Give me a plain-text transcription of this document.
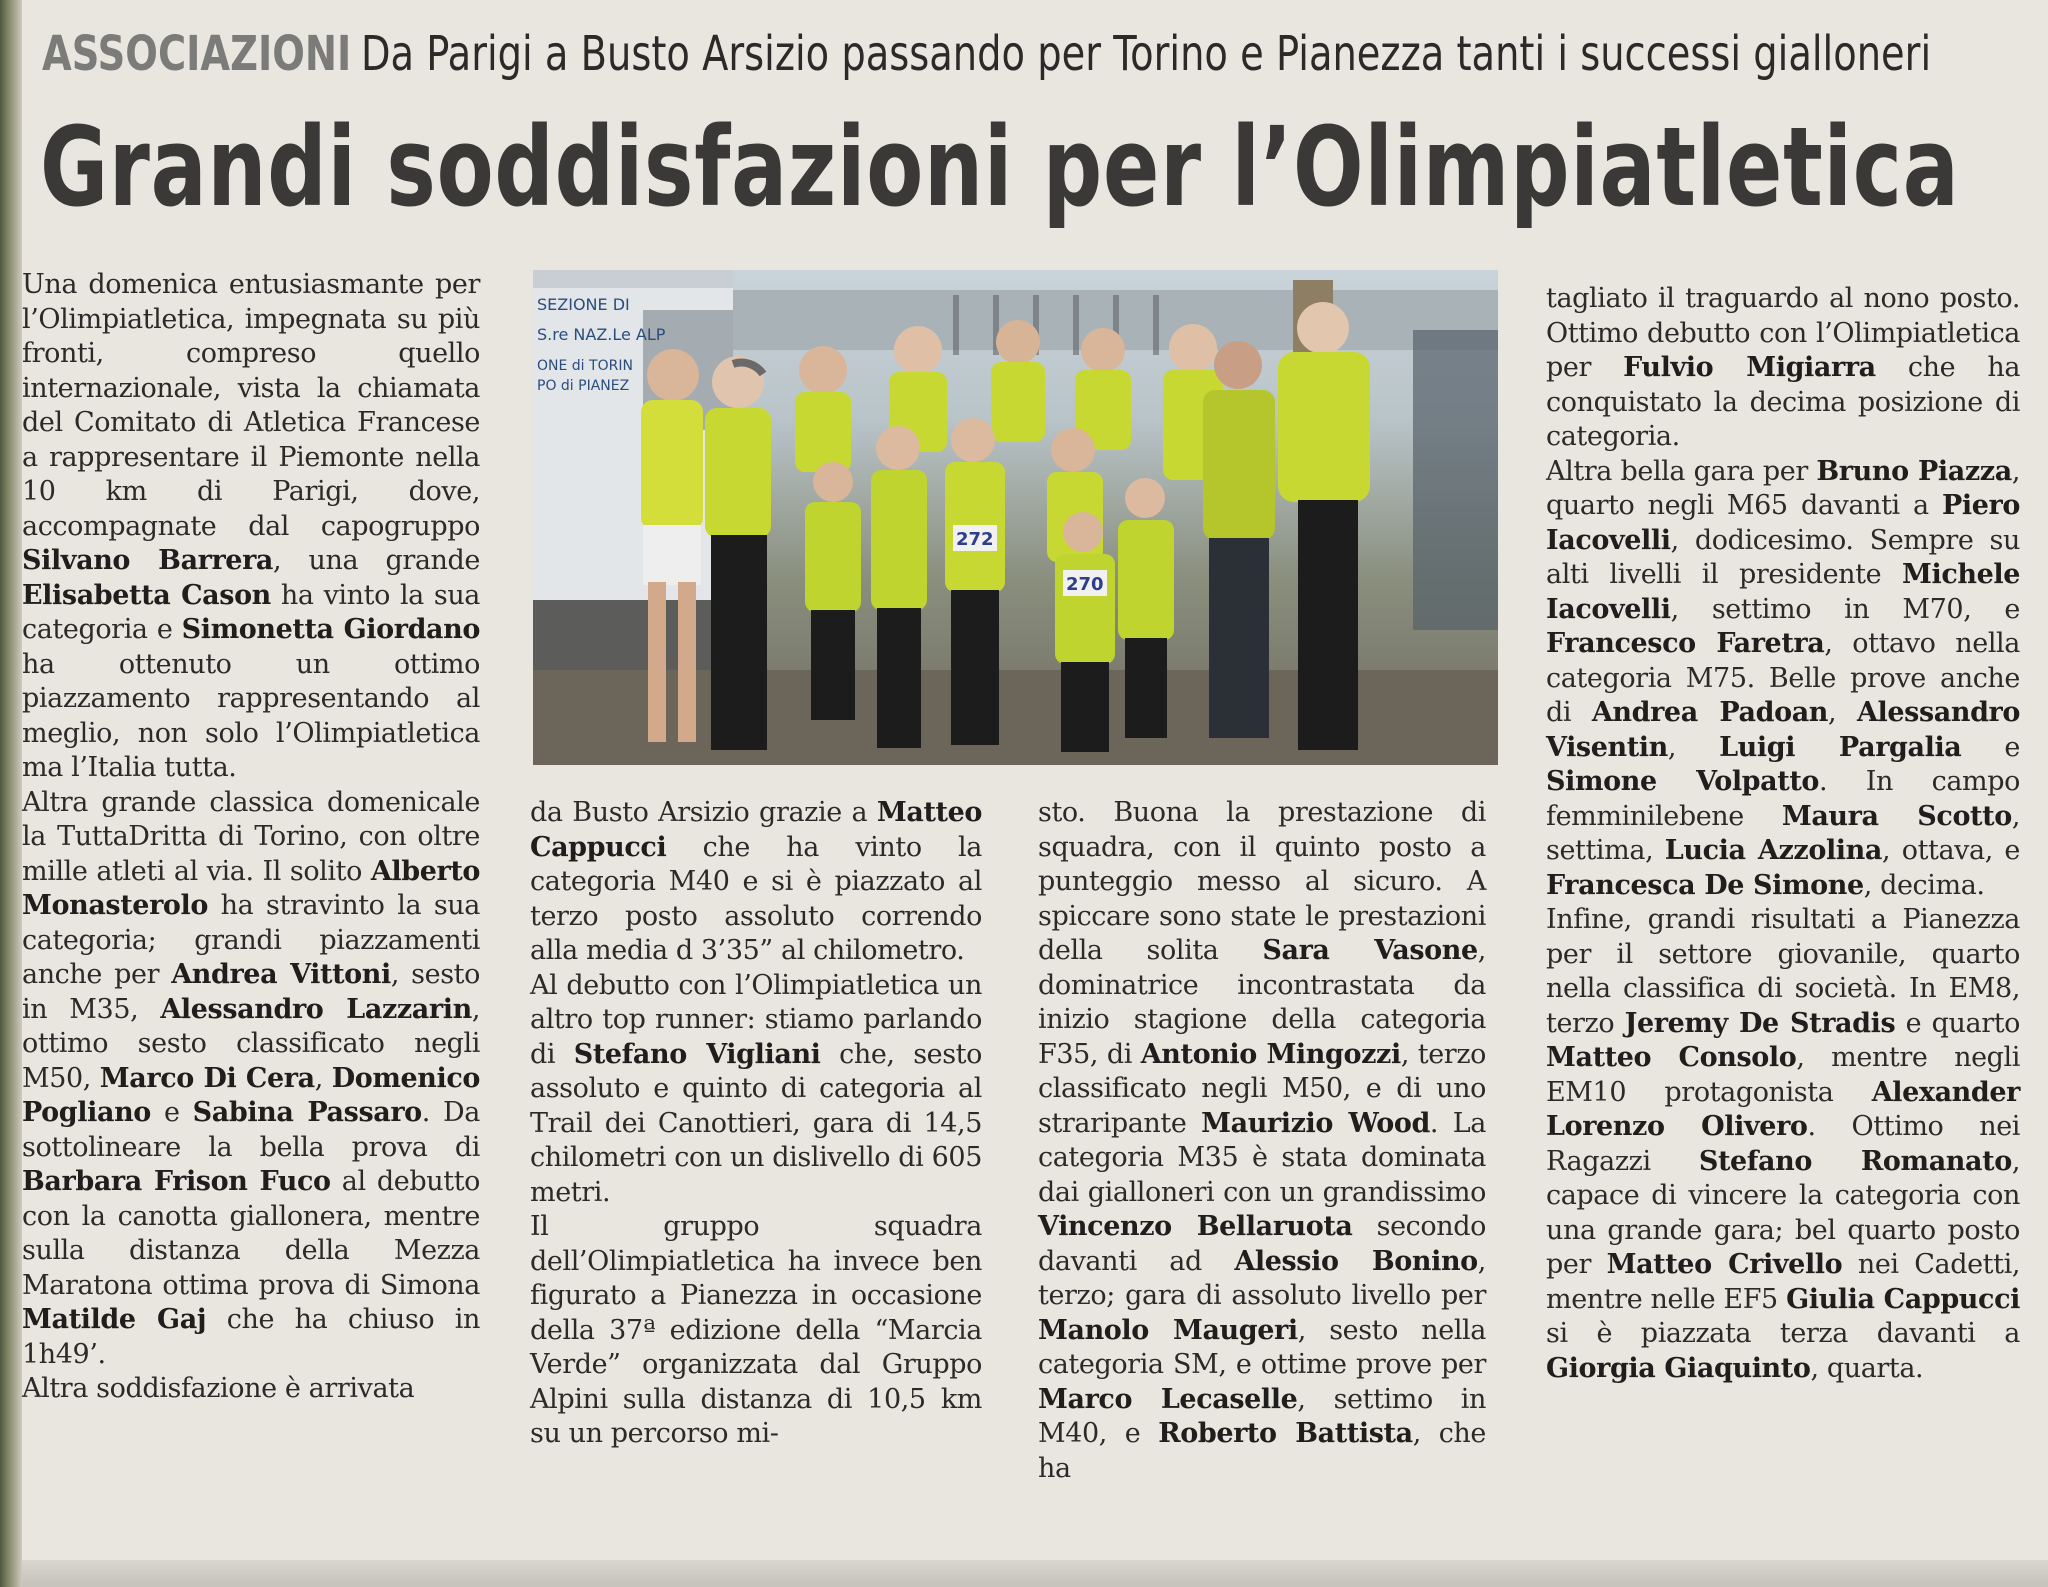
ASSOCIAZIONI Da Parigi a Busto Arsizio passando per Torino e Pianezza tanti i successi gialloneri
Grandi soddisfazioni per l’Olimpiatletica
SEZIONE DI
S.re NAZ.Le ALP
ONE di TORIN
PO di PIANEZ
272
270

Una domenica entusiasmante per l’Olimpiatletica, impegnata su più fronti, compreso quello internazionale, vista la chiamata del Comitato di Atletica Francese a rappresentare il Piemonte nella 10 km di Parigi, dove, accompagnate dal capogruppo Silvano Barrera, una grande Elisabetta Cason ha vinto la sua categoria e Simonetta Giordano ha ottenuto un ottimo piazzamento rappresentando al meglio, non solo l’Olimpiatletica ma l’Italia tutta.

Altra grande classica domenicale la TuttaDritta di Torino, con oltre mille atleti al via. Il solito Alberto Monasterolo ha stravinto la sua categoria; grandi piazzamenti anche per Andrea Vittoni, sesto in M35, Alessandro Lazzarin, ottimo sesto classificato negli M50, Marco Di Cera, Domenico Pogliano e Sabina Passaro. Da sottolineare la bella prova di Barbara Frison Fuco al debutto con la canotta giallonera, mentre sulla distanza della Mezza Maratona ottima prova di Simona Matilde Gaj che ha chiuso in 1h49’.

Altra soddisfazione è arrivata

da Busto Arsizio grazie a Matteo Cappucci che ha vinto la categoria M40 e si è piazzato al terzo posto assoluto correndo alla media d 3’35” al chilometro.

Al debutto con l’Olimpiatletica un altro top runner: stiamo parlando di Stefano Vigliani che, sesto assoluto e quinto di categoria al Trail dei Canottieri, gara di 14,5 chilometri con un dislivello di 605 metri.

Il gruppo squadra dell’Olimpiatletica ha invece ben figurato a Pianezza in occasione della 37ª edizione della “Marcia Verde” organizzata dal Gruppo Alpini sulla distanza di 10,5 km su un percorso mi-

sto. Buona la prestazione di squadra, con il quinto posto a punteggio messo al sicuro. A spiccare sono state le prestazioni della solita Sara Vasone, dominatrice incontrastata da inizio stagione della categoria F35, di Antonio Mingozzi, terzo classificato negli M50, e di uno straripante Maurizio Wood. La categoria M35 è stata dominata dai gialloneri con un grandissimo Vincenzo Bellaruota secondo davanti ad Alessio Bonino, terzo; gara di assoluto livello per Manolo Maugeri, sesto nella categoria SM, e ottime prove per Marco Lecaselle, settimo in M40, e Roberto Battista, che ha

tagliato il traguardo al nono posto. Ottimo debutto con l’Olimpiatletica per Fulvio Migiarra che ha conquistato la decima posizione di categoria.

Altra bella gara per Bruno Piazza, quarto negli M65 davanti a Piero Iacovelli, dodicesimo. Sempre su alti livelli il presidente Michele Iacovelli, settimo in M70, e Francesco Faretra, ottavo nella categoria M75. Belle prove anche di Andrea Padoan, Alessandro Visentin, Luigi Pargalia e Simone Volpatto. In campo femminilebene Maura Scotto, settima, Lucia Azzolina, ottava, e Francesca De Simone, decima.

Infine, grandi risultati a Pianezza per il settore giovanile, quarto nella classifica di società. In EM8, terzo Jeremy De Stradis e quarto Matteo Consolo, mentre negli EM10 protagonista Alexander Lorenzo Olivero. Ottimo nei Ragazzi Stefano Romanato, capace di vincere la categoria con una grande gara; bel quarto posto per Matteo Crivello nei Cadetti, mentre nelle EF5 Giulia Cappucci si è piazzata terza davanti a Giorgia Giaquinto, quarta.
